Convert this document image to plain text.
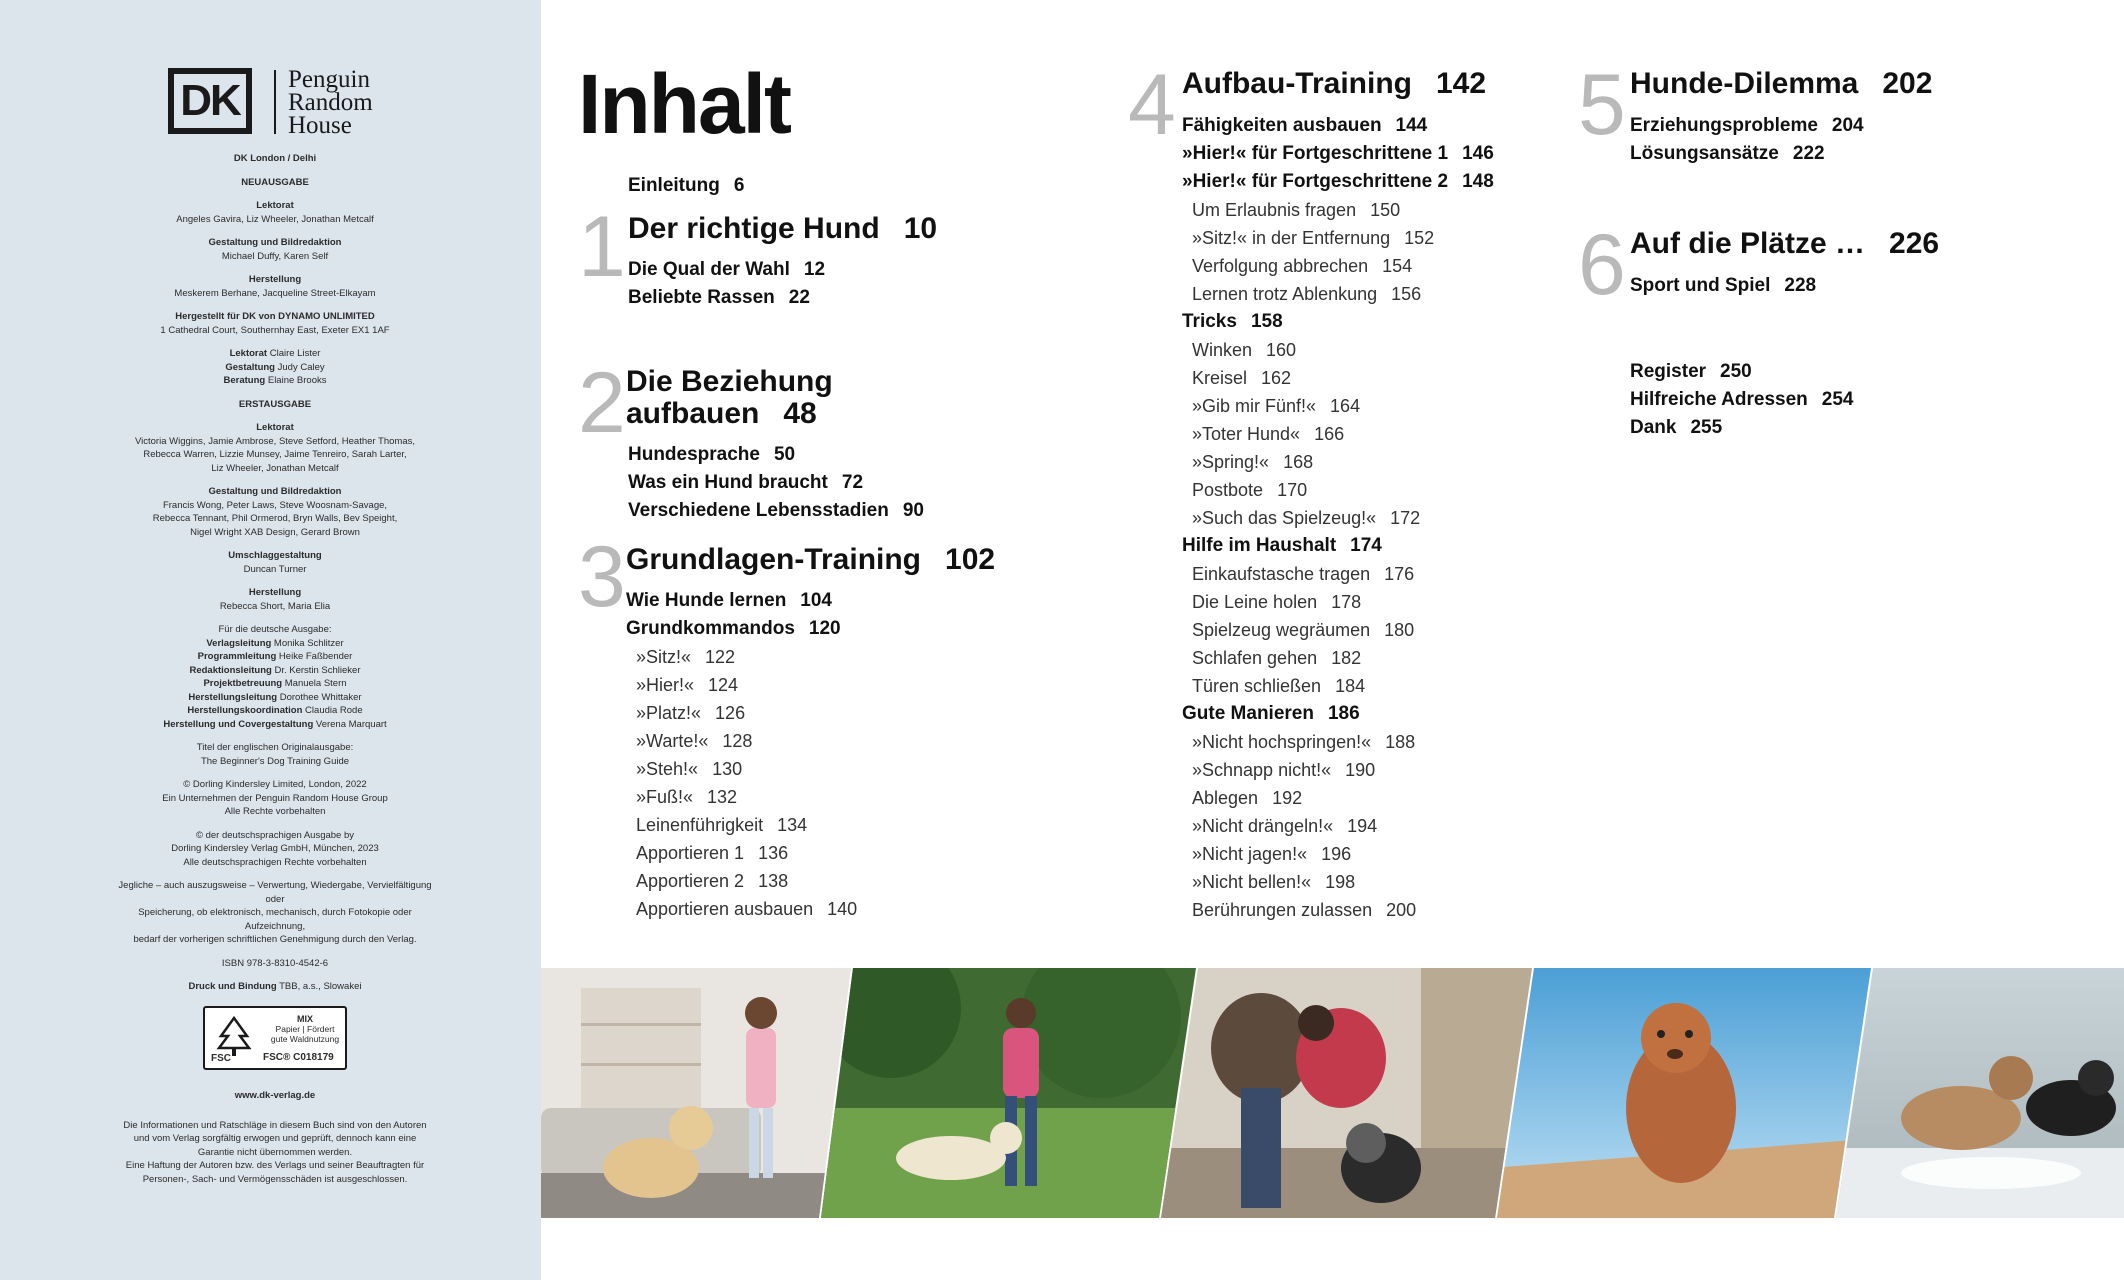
DK	Penguin
Random
House
DK London / Delhi
NEUAUSGABE
Lektorat
Angeles Gavira, Liz Wheeler, Jonathan Metcalf
Gestaltung und Bildredaktion
Michael Duffy, Karen Self
Herstellung
Meskerem Berhane, Jacqueline Street-Elkayam
Hergestellt für DK von DYNAMO UNLIMITED
1 Cathedral Court, Southernhay East, Exeter EX1 1AF
Lektorat Claire Lister
Gestaltung Judy Caley
Beratung Elaine Brooks
ERSTAUSGABE
Lektorat
Victoria Wiggins, Jamie Ambrose, Steve Setford, Heather Thomas,
Rebecca Warren, Lizzie Munsey, Jaime Tenreiro, Sarah Larter,
Liz Wheeler, Jonathan Metcalf
Gestaltung und Bildredaktion
Francis Wong, Peter Laws, Steve Woosnam-Savage,
Rebecca Tennant, Phil Ormerod, Bryn Walls, Bev Speight,
Nigel Wright XAB Design, Gerard Brown
Umschlaggestaltung
Duncan Turner
Herstellung
Rebecca Short, Maria Elia
Für die deutsche Ausgabe:
Verlagsleitung Monika Schlitzer
Programmleitung Heike Faßbender
Redaktionsleitung Dr. Kerstin Schlieker
Projektbetreuung Manuela Stern
Herstellungsleitung Dorothee Whittaker
Herstellungskoordination Claudia Rode
Herstellung und Covergestaltung Verena Marquart
Titel der englischen Originalausgabe:
The Beginner's Dog Training Guide
© Dorling Kindersley Limited, London, 2022
Ein Unternehmen der Penguin Random House Group
Alle Rechte vorbehalten
© der deutschsprachigen Ausgabe by
Dorling Kindersley Verlag GmbH, München, 2023
Alle deutschsprachigen Rechte vorbehalten
Jegliche – auch auszugsweise – Verwertung, Wiedergabe, Vervielfältigung oder
Speicherung, ob elektronisch, mechanisch, durch Fotokopie oder Aufzeichnung,
bedarf der vorherigen schriftlichen Genehmigung durch den Verlag.
ISBN 978-3-8310-4542-6
Druck und Bindung TBB, a.s., Slowakei
FSC
MIX
Papier | Fördert
gute Waldnutzung
FSC® C018179
www.dk-verlag.de
Die Informationen und Ratschläge in diesem Buch sind von den Autoren
und vom Verlag sorgfältig erwogen und geprüft, dennoch kann eine
Garantie nicht übernommen werden.
Eine Haftung der Autoren bzw. des Verlags und seiner Beauftragten für
Personen-, Sach- und Vermögensschäden ist ausgeschlossen.
Inhalt
Einleitung 6
1 Der richtige Hund 10
Die Qual der Wahl 12
Beliebte Rassen 22
2 Die Beziehung
aufbauen 48
Hundesprache 50
Was ein Hund braucht 72
Verschiedene Lebensstadien 90
3 Grundlagen-Training 102
Wie Hunde lernen 104
Grundkommandos 120
»Sitz!« 122
»Hier!« 124
»Platz!« 126
»Warte!« 128
»Steh!« 130
»Fuß!« 132
Leinenführigkeit 134
Apportieren 1 136
Apportieren 2 138
Apportieren ausbauen 140
4 Aufbau-Training 142
Fähigkeiten ausbauen 144
»Hier!« für Fortgeschrittene 1 146
»Hier!« für Fortgeschrittene 2 148
Um Erlaubnis fragen 150
»Sitz!« in der Entfernung 152
Verfolgung abbrechen 154
Lernen trotz Ablenkung 156
Tricks 158
Winken 160
Kreisel 162
»Gib mir Fünf!« 164
»Toter Hund« 166
»Spring!« 168
Postbote 170
»Such das Spielzeug!« 172
Hilfe im Haushalt 174
Einkaufstasche tragen 176
Die Leine holen 178
Spielzeug wegräumen 180
Schlafen gehen 182
Türen schließen 184
Gute Manieren 186
»Nicht hochspringen!« 188
»Schnapp nicht!« 190
Ablegen 192
»Nicht drängeln!« 194
»Nicht jagen!« 196
»Nicht bellen!« 198
Berührungen zulassen 200
5 Hunde-Dilemma 202
Erziehungsprobleme 204
Lösungsansätze 222
6 Auf die Plätze … 226
Sport und Spiel 228
Register 250
Hilfreiche Adressen 254
Dank 255
